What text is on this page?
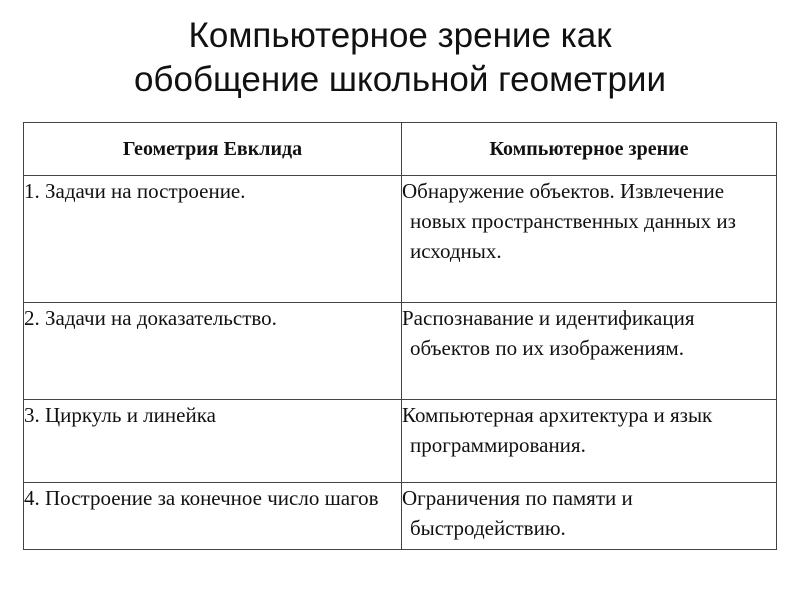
Компьютерное зрение как
обобщение школьной геометрии
Геометрия Евклида	Компьютерное зрение

1. Задачи на построение.	Обнаружение объектов. Извлечение новых пространственных данных из исходных.

2. Задачи на доказательство.	Распознавание и идентификация объектов по их изображениям.

3. Циркуль и линейка	Компьютерная архитектура и язык программирования.

4. Построение за конечное число шагов	Ограничения по памяти и быстродействию.
